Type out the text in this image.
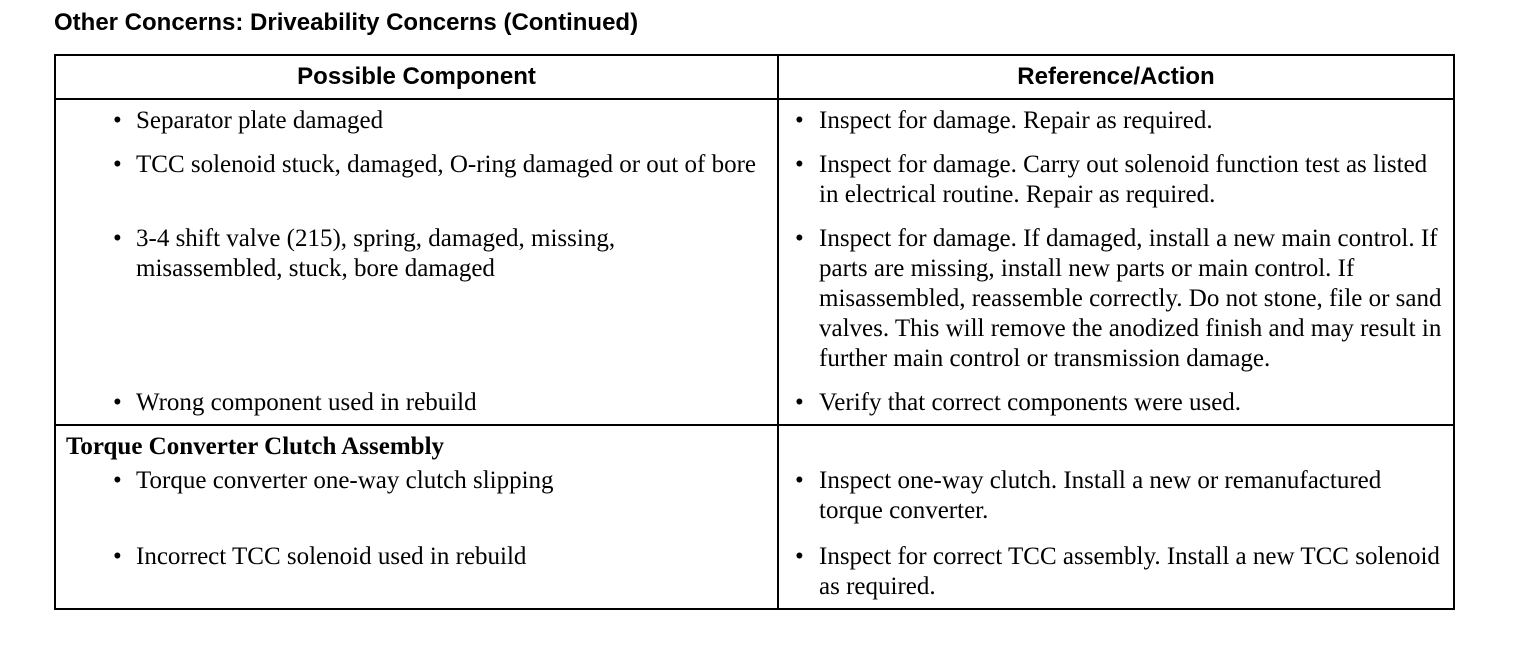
Other Concerns: Driveability Concerns (Continued)
Possible Component	Reference/Action

• Separator plate damaged	• Inspect for damage. Repair as required.

• TCC solenoid stuck, damaged, O-ring damaged or out of bore	• Inspect for damage. Carry out solenoid function test as listed in electrical routine. Repair as required.

• 3-4 shift valve (215), spring, damaged, missing, misassembled, stuck, bore damaged	• Inspect for damage. If damaged, install a new main control. If parts are missing, install new parts or main control. If misassembled, reassemble correctly. Do not stone, file or sand valves. This will remove the anodized finish and may result in further main control or transmission damage.

• Wrong component used in rebuild	• Verify that correct components were used.

Torque Converter Clutch Assembly	

• Torque converter one-way clutch slipping	• Inspect one-way clutch. Install a new or remanufactured torque converter.

• Incorrect TCC solenoid used in rebuild	• Inspect for correct TCC assembly. Install a new TCC solenoid as required.
